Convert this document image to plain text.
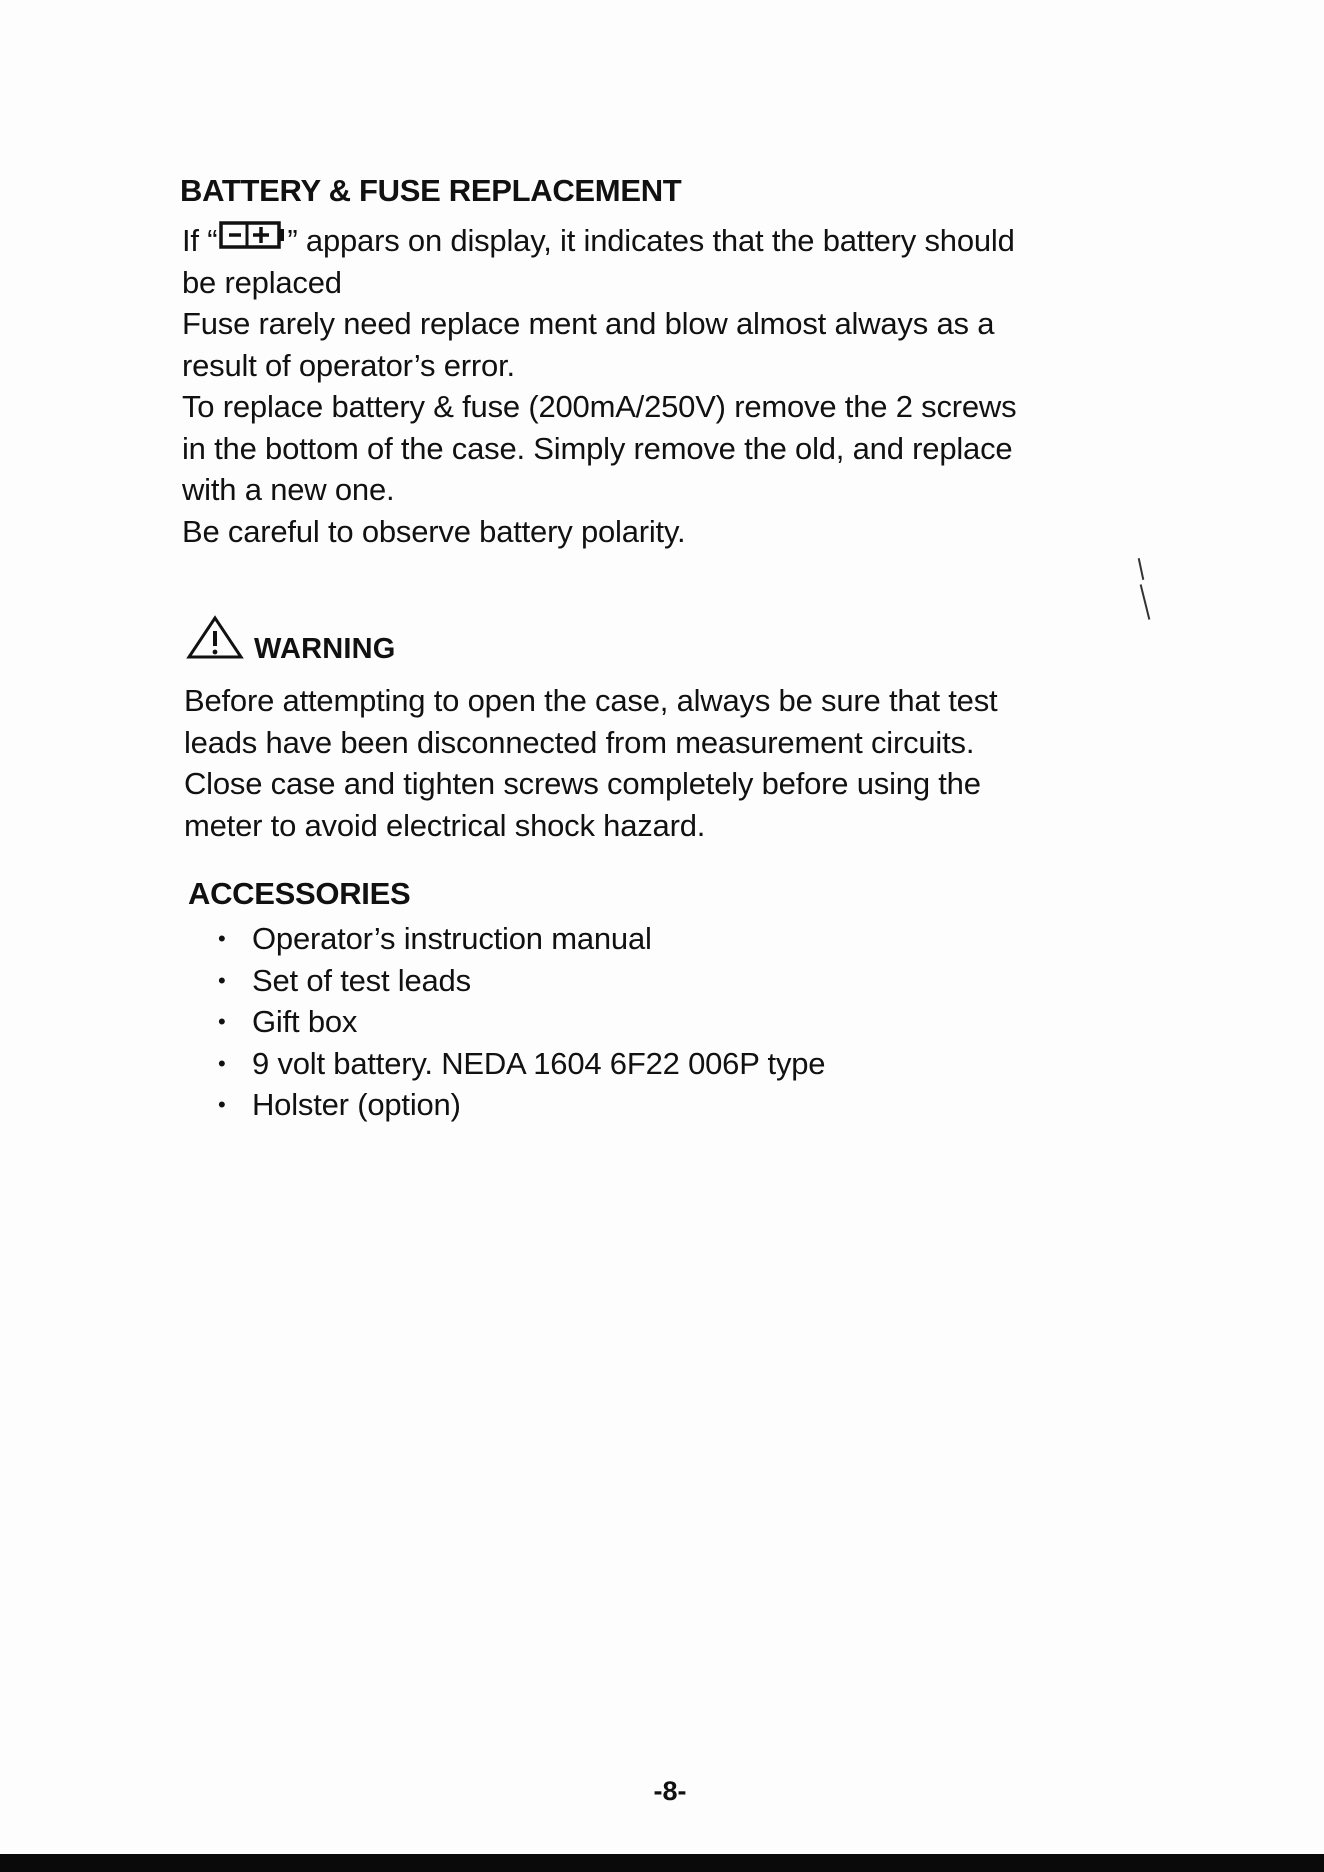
BATTERY & FUSE REPLACEMENT
If “ ” appars on display, it indicates that the battery should
be replaced
Fuse rarely need replace ment and blow almost always as a
result of operator’s error.
To replace battery & fuse (200mA/250V) remove the 2 screws
in the bottom of the case. Simply remove the old, and replace
with a new one.
Be careful to observe battery polarity.
WARNING
Before attempting to open the case, always be sure that test
leads have been disconnected from measurement circuits.
Close case and tighten screws completely before using the
meter to avoid electrical shock hazard.
ACCESSORIES
• Operator’s instruction manual
• Set of test leads
• Gift box
• 9 volt battery. NEDA 1604 6F22 006P type
• Holster (option)
-8-
